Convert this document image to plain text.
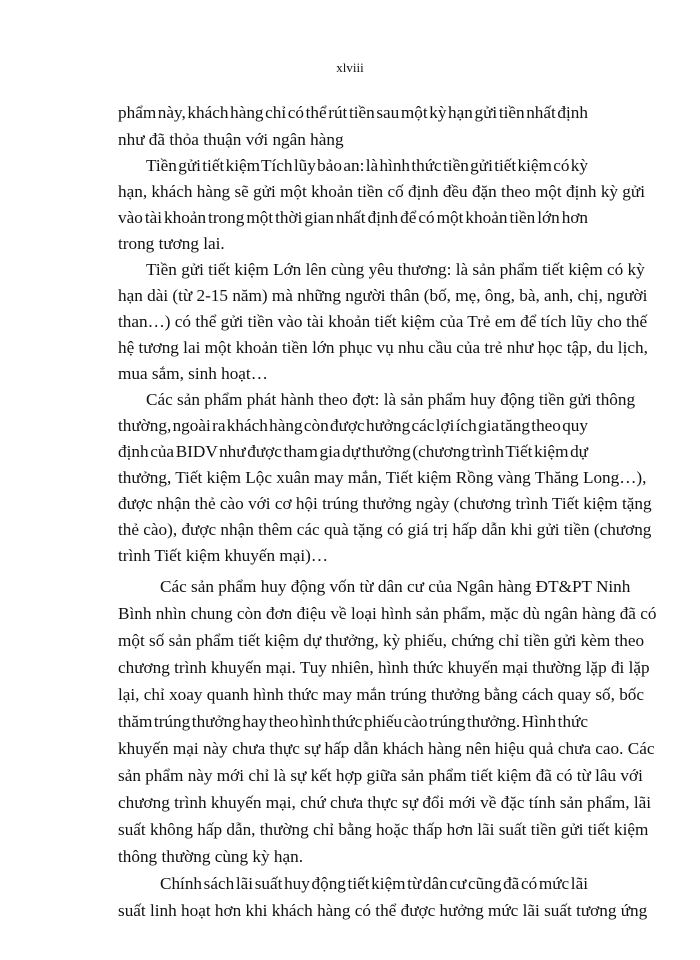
xlviii
phẩm này, khách hàng chỉ có thể rút tiền sau một kỳ hạn gửi tiền nhất định
như đã thỏa thuận với ngân hàng
Tiền gửi tiết kiệm Tích lũy bảo an: là hình thức tiền gửi tiết kiệm có kỳ
hạn, khách hàng sẽ gửi một khoản tiền cố định đều đặn theo một định kỳ gửi
vào tài khoản trong một thời gian nhất định để có một khoản tiền lớn hơn
trong tương lai.
Tiền gửi tiết kiệm Lớn lên cùng yêu thương: là sản phẩm tiết kiệm có kỳ
hạn dài (từ 2-15 năm) mà những người thân (bố, mẹ, ông, bà, anh, chị, người
than…) có thể gửi tiền vào tài khoản tiết kiệm của Trẻ em để tích lũy cho thế
hệ tương lai một khoản tiền lớn phục vụ nhu cầu của trẻ như học tập, du lịch,
mua sắm, sinh hoạt…
Các sản phẩm phát hành theo đợt: là sản phẩm huy động tiền gửi thông
thường, ngoài ra khách hàng còn được hưởng các lợi ích gia tăng theo quy
định của BIDV như được tham gia dự thưởng (chương trình Tiết kiệm dự
thưởng, Tiết kiệm Lộc xuân may mắn, Tiết kiệm Rồng vàng Thăng Long…),
được nhận thẻ cào với cơ hội trúng thưởng ngày (chương trình Tiết kiệm tặng
thẻ cào), được nhận thêm các quà tặng có giá trị hấp dẫn khi gửi tiền (chương
trình Tiết kiệm khuyến mại)…
Các sản phẩm huy động vốn từ dân cư của Ngân hàng ĐT&PT Ninh
Bình nhìn chung còn đơn điệu về loại hình sản phẩm, mặc dù ngân hàng đã có
một số sản phẩm tiết kiệm dự thưởng, kỳ phiếu, chứng chỉ tiền gửi kèm theo
chương trình khuyến mại. Tuy nhiên, hình thức khuyến mại thường lặp đi lặp
lại, chỉ xoay quanh hình thức may mắn trúng thưởng bằng cách quay số, bốc
thăm trúng thưởng hay theo hình thức phiếu cào trúng thưởng. Hình thức
khuyến mại này chưa thực sự hấp dẫn khách hàng nên hiệu quả chưa cao. Các
sản phẩm này mới chỉ là sự kết hợp giữa sản phẩm tiết kiệm đã có từ lâu với
chương trình khuyến mại, chứ chưa thực sự đổi mới về đặc tính sản phẩm, lãi
suất không hấp dẫn, thường chỉ bằng hoặc thấp hơn lãi suất tiền gửi tiết kiệm
thông thường cùng kỳ hạn.
Chính sách lãi suất huy động tiết kiệm từ dân cư cũng đã có mức lãi
suất linh hoạt hơn khi khách hàng có thể được hưởng mức lãi suất tương ứng
